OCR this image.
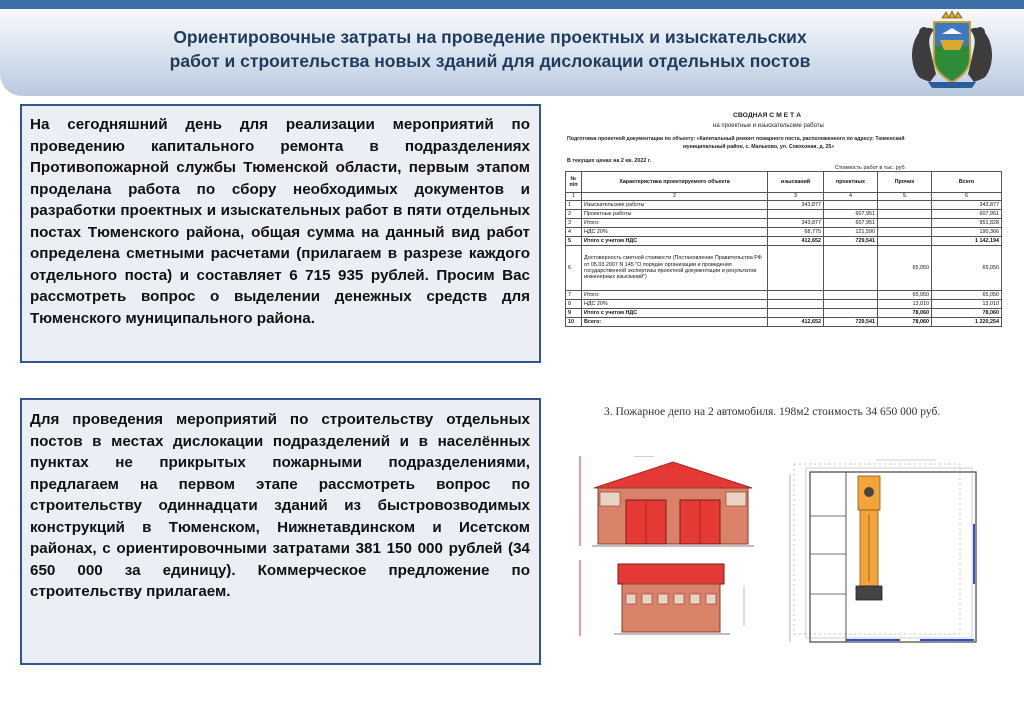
Ориентировочные затраты на проведение проектных и изыскательских
работ и строительства новых зданий для дислокации отдельных постов
На сегодняшний день для реализации мероприятий по проведению капитального ремонта в подразделениях Противопожарной службы Тюменской области, первым этапом проделана работа по сбору необходимых документов и разработки проектных и изыскательных работ в пяти отдельных постах Тюменского района, общая сумма на данный вид работ определена сметными расчетами (прилагаем в разрезе каждого отдельного поста) и составляет 6 715 935 рублей. Просим Вас рассмотреть вопрос о выделении денежных средств для Тюменского муниципального района.
Для проведения мероприятий по строительству отдельных постов в местах дислокации подразделений и в населённых пунктах не прикрытых пожарными подразделениями, предлагаем на первом этапе рассмотреть вопрос по строительству одиннадцати зданий из быстровозводимых конструкций в Тюменском, Нижнетавдинском и Исетском районах, с ориентировочными затратами 381 150 000 рублей (34 650 000 за единицу). Коммерческое предложение по строительству прилагаем.
СВОДНАЯ С М Е Т А
на проектные и изыскательские работы
Подготовка проектной документации по объекту: «Капитальный ремонт пожарного поста, расположенного по адресу: Тюменский
муниципальный район, с. Мальково, ул. Совхозная, д. 25»
В текущих ценах на 2 кв. 2022 г.
Стоимость работ в тыс. руб.
№ п/п	Характеристика проектируемого объекта	изысканий	проектных	Прочих	Всего
1	2	3	4	5	6
1	Изыскательские работы	343,877			343,877
2	Проектные работы		607,951		607,951
3	Итого:	343,877	607,951		951,828
4	НДС 20%	68,775	121,590		190,366
5	Итого с учетом НДС	412,652	729,541		1 142,194
6	Достоверность сметной стоимости (Постановление Правительства РФ от 05.03.2007 N 145 "О порядке организации и проведения государственной экспертизы проектной документации и результатов инженерных изысканий")			65,050	65,050
7	Итого:			65,050	65,050
8	НДС 20%			13,010	13,010
9	Итого с учетом НДС			78,060	78,060
10	Всего:	412,652	729,541	78,060	1 220,254
3. Пожарное депо на 2 автомобиля. 198м2 стоимость 34 650 000 руб.
───────
